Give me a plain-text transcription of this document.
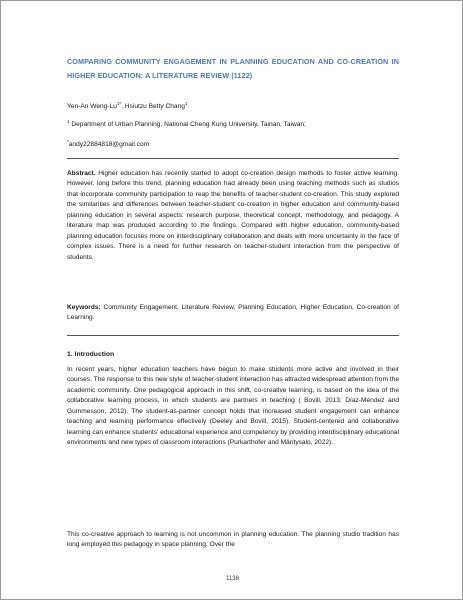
COMPARING COMMUNITY ENGAGEMENT IN PLANNING EDUCATION AND CO-CREATION IN HIGHER EDUCATION: A LITERATURE REVIEW (1122)
Yen-An Weng-$Lu^{1*}$, Hsiutzu Betty Chang$^1$
$^1$ Department of Urban Planning, National Cheng Kung University, Tainan, Taiwan;
*andy22884818@gmail.com
Abstract. Higher education has recently started to adopt co-creation design methods to foster active learning. However, long before this trend, planning education had already been using teaching methods such as studios that incorporate community participation to reap the benefits of teacher-student co-creation. This study explored the similarities and differences between teacher-student co-creation in higher education and community-based planning education in several aspects: research purpose, theoretical concept, methodology, and pedagogy. A literature map was produced according to the findings. Compared with higher education, community-based planning education focuses more on interdisciplinary collaboration and deals with more uncertainty in the face of complex issues. There is a need for further research on teacher-student interaction from the perspective of students.
Keywords: Community Engagement, Literature Review, Planning Education, Higher Education, Co-creation of Learning.
1. Introduction
In recent years, higher education teachers have begun to make students more active and involved in their courses. The response to this new style of teacher-student interaction has attracted widespread attention from the academic community. One pedagogical approach in this shift, co-creative learning, is based on the idea of the collaborative learning process, in which students are partners in teaching ( Bovill, 2013; Díaz-Méndez and Gummesson, 2012). The student-as-partner concept holds that increased student engagement can enhance teaching and learning performance effectively (Deeley and Bovill, 2015). Student-centered and collaborative learning can enhance students' educational experience and competency by providing interdisciplinary educational environments and new types of classroom interactions (Purkarthofer and Mäntysalo, 2022).
This co-creative approach to learning is not uncommon in planning education. The planning studio tradition has long employed this pedagogy in space planning. Over the
1138
